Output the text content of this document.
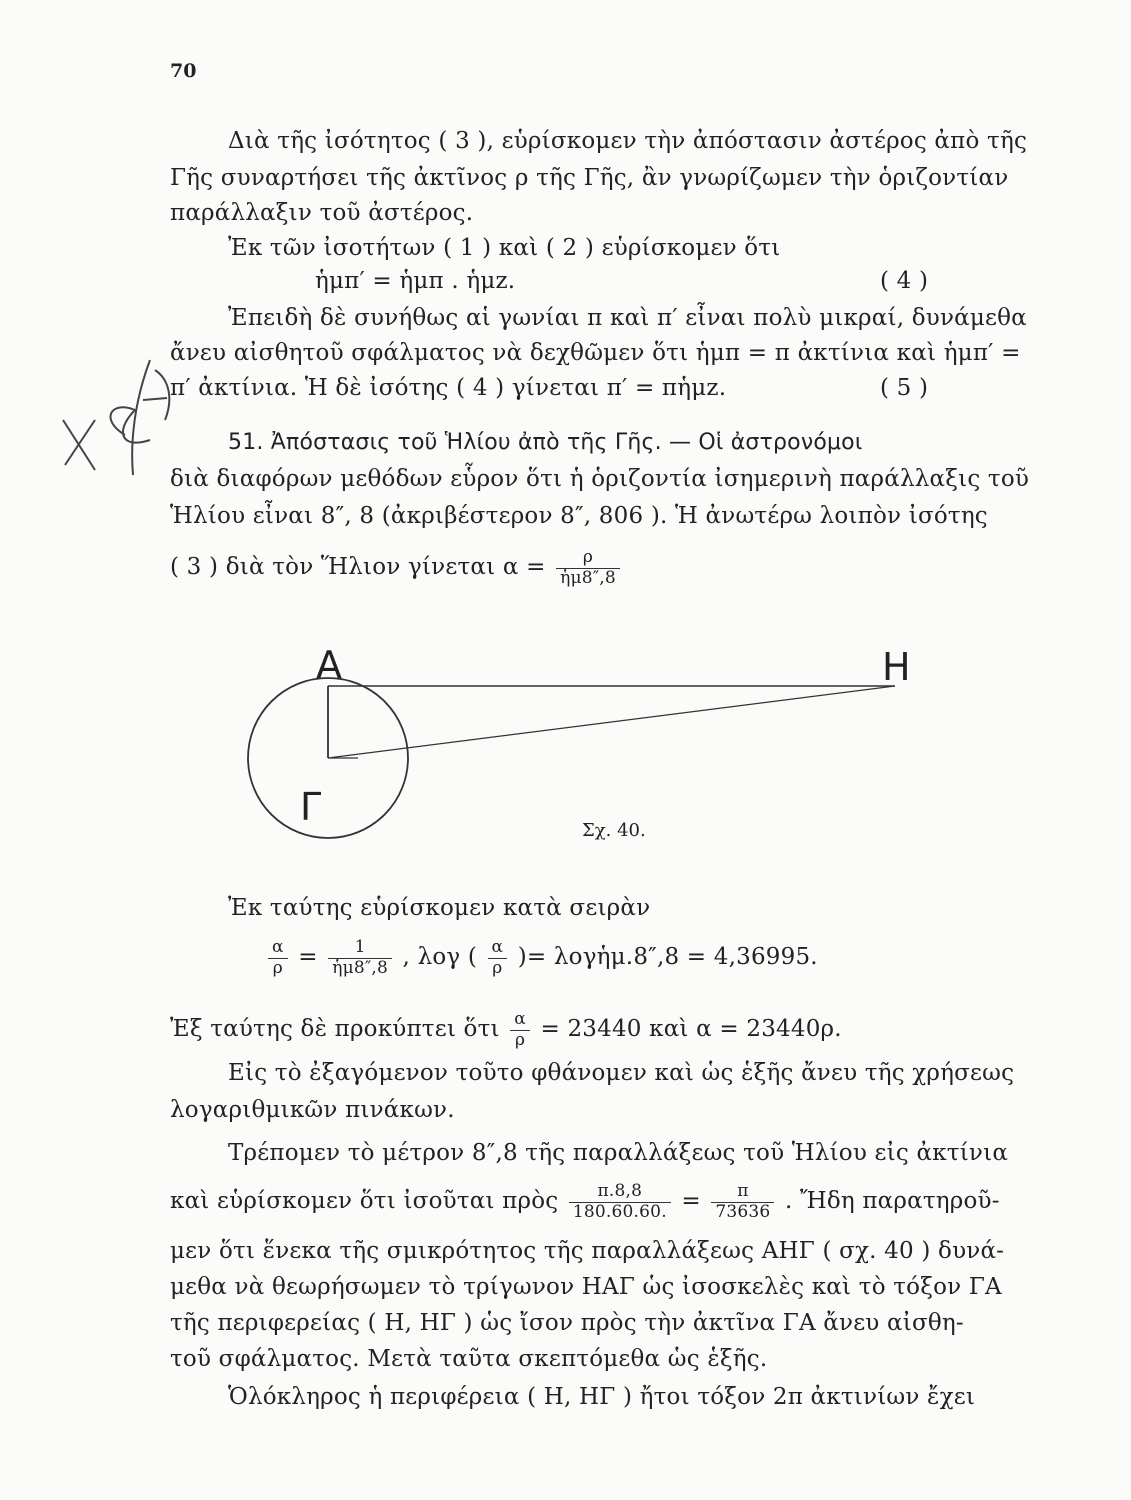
70
Διὰ τῆς ἰσότητος ( 3 ), εὑρίσκομεν τὴν ἀπόστασιν ἀστέρος ἀπὸ τῆς
Γῆς συναρτήσει τῆς ἀκτῖνος ρ τῆς Γῆς, ἂν γνωρίζωμεν τὴν ὁριζοντίαν
παράλλαξιν τοῦ ἀστέρος.
Ἐκ τῶν ἰσοτήτων ( 1 ) καὶ ( 2 ) εὑρίσκομεν ὅτι
ἡμπ′ = ἡμπ . ἡμz.	( 4 )
Ἐπειδὴ δὲ συνήθως αἱ γωνίαι π καὶ π′ εἶναι πολὺ μικραί, δυνάμεθα
ἄνευ αἰσθητοῦ σφάλματος νὰ δεχθῶμεν ὅτι ἡμπ = π ἀκτίνια καὶ ἡμπ′ =
π′ ἀκτίνια. Ἡ δὲ ἰσότης ( 4 ) γίνεται π′ = πἡμz.	( 5 )
51. Ἀπόστασις τοῦ Ἡλίου ἀπὸ τῆς Γῆς. — Οἱ ἀστρονόμοι
διὰ διαφόρων μεθόδων εὗρον ὅτι ἡ ὁριζοντία ἰσημερινὴ παράλλαξις τοῦ
Ἡλίου εἶναι 8″, 8 (ἀκριβέστερον 8″, 806 ). Ἡ ἀνωτέρω λοιπὸν ἰσότης
( 3 ) διὰ τὸν Ἥλιον γίνεται $\alpha = \frac{\rho}{\text{ἡμ8″,8}}$
Α	Η
Γ
Σχ. 40.
Ἐκ ταύτης εὑρίσκομεν κατὰ σειρὰν
$\frac{\alpha}{\rho} = \frac{1}{\text{ἡμ8″,8}}$ , λογ ( $\frac{\alpha}{\rho}$ )= λογἡμ.8″,8 = 4,36995.
Ἐξ ταύτης δὲ προκύπτει ὅτι $\frac{\alpha}{\rho} = 23440$ καὶ α = 23440ρ.
Εἰς τὸ ἐξαγόμενον τοῦτο φθάνομεν καὶ ὡς ἑξῆς ἄνευ τῆς χρήσεως
λογαριθμικῶν πινάκων.
Τρέπομεν τὸ μέτρον 8″,8 τῆς παραλλάξεως τοῦ Ἡλίου εἰς ἀκτίνια
καὶ εὑρίσκομεν ὅτι ἰσοῦται πρὸς $\frac{\pi.8,8}{180.60.60.} = \frac{\pi}{73636}$ . Ἤδη παρατηροῦ-
μεν ὅτι ἕνεκα τῆς σμικρότητος τῆς παραλλάξεως ΑΗΓ ( σχ. 40 ) δυνά-
μεθα νὰ θεωρήσωμεν τὸ τρίγωνον ΗΑΓ ὡς ἰσοσκελὲς καὶ τὸ τόξον ΓΑ
τῆς περιφερείας ( Η, ΗΓ ) ὡς ἴσον πρὸς τὴν ἀκτῖνα ΓΑ ἄνευ αἰσθη-
τοῦ σφάλματος. Μετὰ ταῦτα σκεπτόμεθα ὡς ἑξῆς.
Ὁλόκληρος ἡ περιφέρεια ( Η, ΗΓ ) ἤτοι τόξον 2π ἀκτινίων ἔχει
